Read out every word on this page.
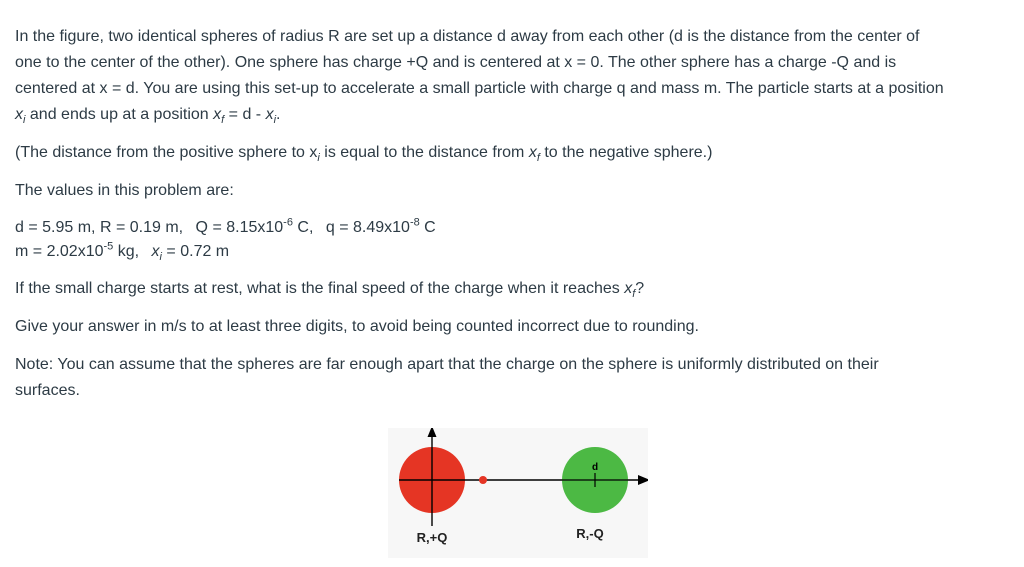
In the figure, two identical spheres of radius R are set up a distance d away from each other (d is the distance from the center of
one to the center of the other). One sphere has charge +Q and is centered at x = 0. The other sphere has a charge -Q and is
centered at x = d. You are using this set-up to accelerate a small particle with charge q and mass m. The particle starts at a position
$x_i$ and ends up at a position $x_f = d - x_i$.

(The distance from the positive sphere to $x_i$ is equal to the distance from $x_f$ to the negative sphere.)

The values in this problem are:

d = 5.95 m, R = 0.19 m, $Q = 8.15x10^{-6}$ C, $q = 8.49x10^{-8}$ C
$m = 2.02x10^{-5}$ kg, $x_i = 0.72$ m

If the small charge starts at rest, what is the final speed of the charge when it reaches $x_f$?

Give your answer in m/s to at least three digits, to avoid being counted incorrect due to rounding.

Note: You can assume that the spheres are far enough apart that the charge on the sphere is uniformly distributed on their
surfaces.

d
R,+Q	R,-Q
